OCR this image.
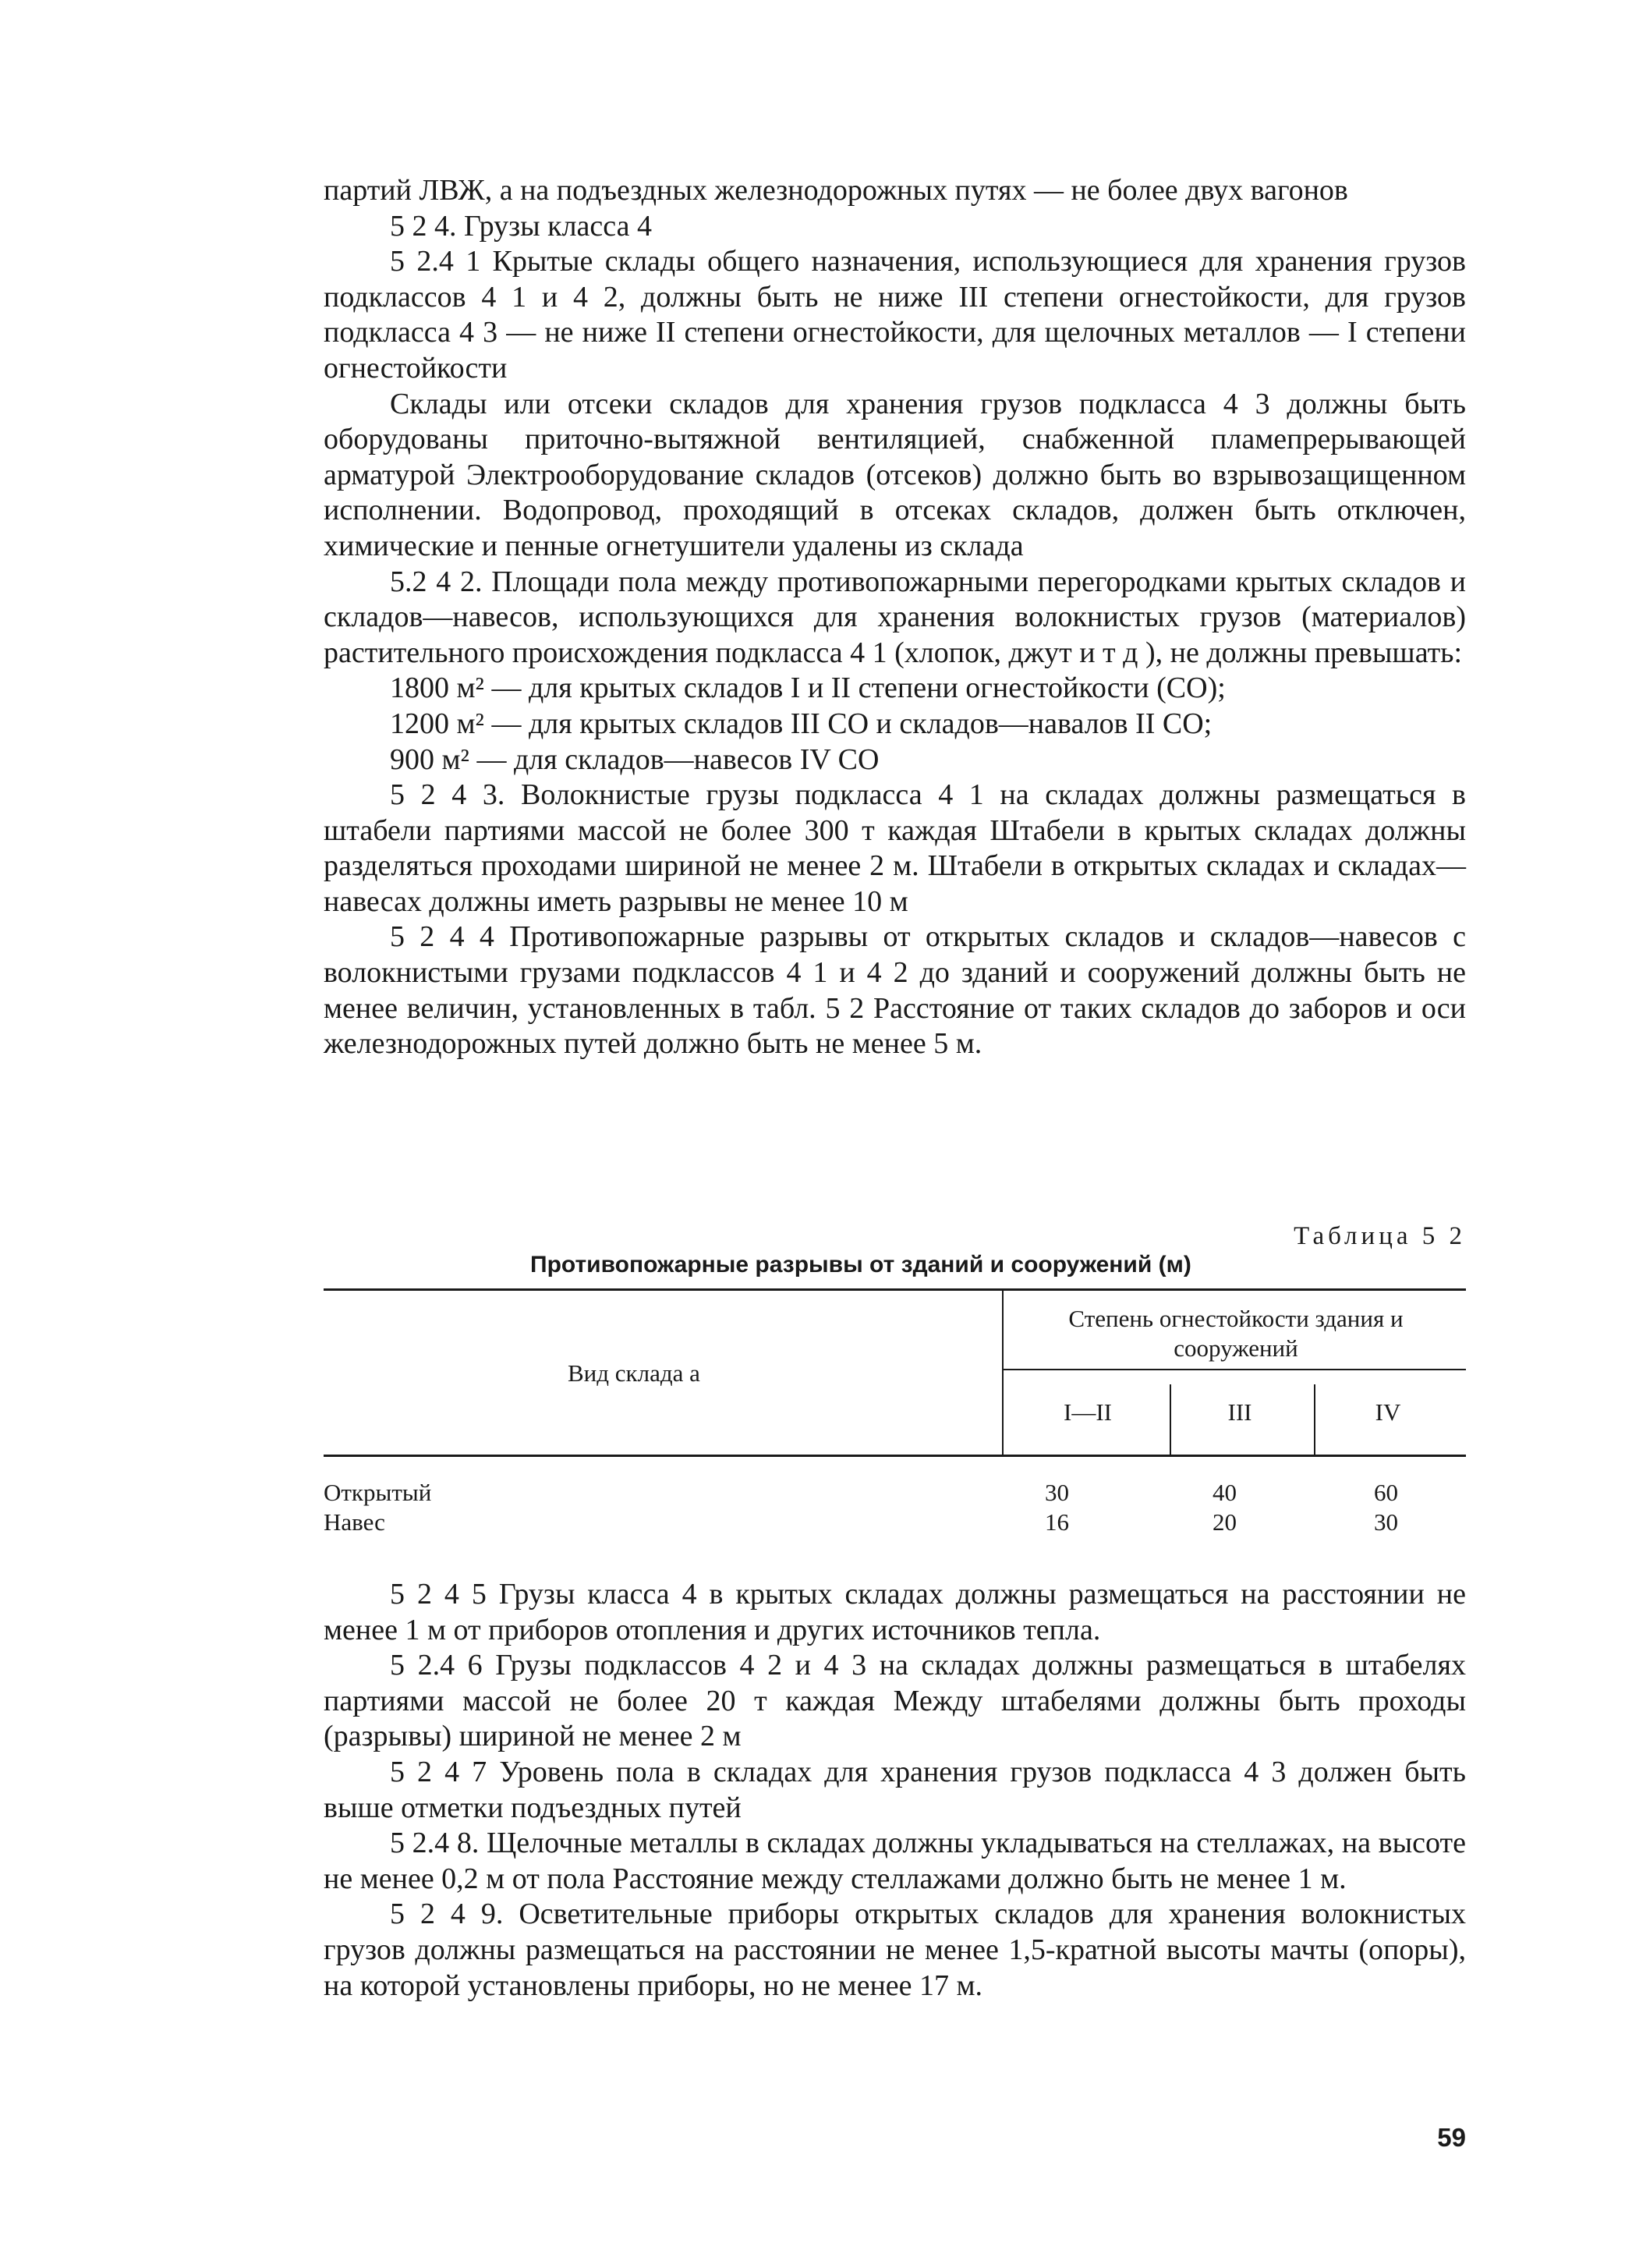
партий ЛВЖ, а на подъездных железнодорожных путях — не более двух вагонов

5 2 4. Грузы класса 4

5 2.4 1 Крытые склады общего назначения, использующиеся для хранения грузов подклассов 4 1 и 4 2, должны быть не ниже III степени огнестойкости, для грузов подкласса 4 3 — не ниже II степени огнестойкости, для щелочных металлов — I степени огнестойкости

Склады или отсеки складов для хранения грузов подкласса 4 3 должны быть оборудованы приточно-вытяжной вентиляцией, снабженной пламепрерывающей арматурой Электрооборудование складов (отсеков) должно быть во взрывозащищенном исполнении. Водопровод, проходящий в отсеках складов, должен быть отключен, химические и пенные огнетушители удалены из склада

5.2 4 2. Площади пола между противопожарными перегородками крытых складов и складов—навесов, использующихся для хранения волокнистых грузов (материалов) растительного происхождения подкласса 4 1 (хлопок, джут и т д ), не должны превышать:

1800 м² — для крытых складов I и II степени огнестойкости (СО);

1200 м² — для крытых складов III СО и складов—навалов II СО;

900 м² — для складов—навесов IV СО

5 2 4 3. Волокнистые грузы подкласса 4 1 на складах должны размещаться в штабели партиями массой не более 300 т каждая Штабели в крытых складах должны разделяться проходами шириной не менее 2 м. Штабели в открытых складах и складах—навесах должны иметь разрывы не менее 10 м

5 2 4 4 Противопожарные разрывы от открытых складов и складов—навесов с волокнистыми грузами подклассов 4 1 и 4 2 до зданий и сооружений должны быть не менее величин, установленных в табл. 5 2 Расстояние от таких складов до заборов и оси железнодорожных путей должно быть не менее 5 м.

Таблица 5 2
Противопожарные разрывы от зданий и сооружений (м)
Вид склада а
Степень огнестойкости здания и сооружений
I—II	III	IV
Открытый	30	40	60
Навес	16	20	30

5 2 4 5 Грузы класса 4 в крытых складах должны размещаться на расстоянии не менее 1 м от приборов отопления и других источников тепла.

5 2.4 6 Грузы подклассов 4 2 и 4 3 на складах должны размещаться в штабелях партиями массой не более 20 т каждая Между штабелями должны быть проходы (разрывы) шириной не менее 2 м

5 2 4 7 Уровень пола в складах для хранения грузов подкласса 4 3 должен быть выше отметки подъездных путей

5 2.4 8. Щелочные металлы в складах должны укладываться на стеллажах, на высоте не менее 0,2 м от пола Расстояние между стеллажами должно быть не менее 1 м.

5 2 4 9. Осветительные приборы открытых складов для хранения волокнистых грузов должны размещаться на расстоянии не менее 1,5-кратной высоты мачты (опоры), на которой установлены приборы, но не менее 17 м.

59
